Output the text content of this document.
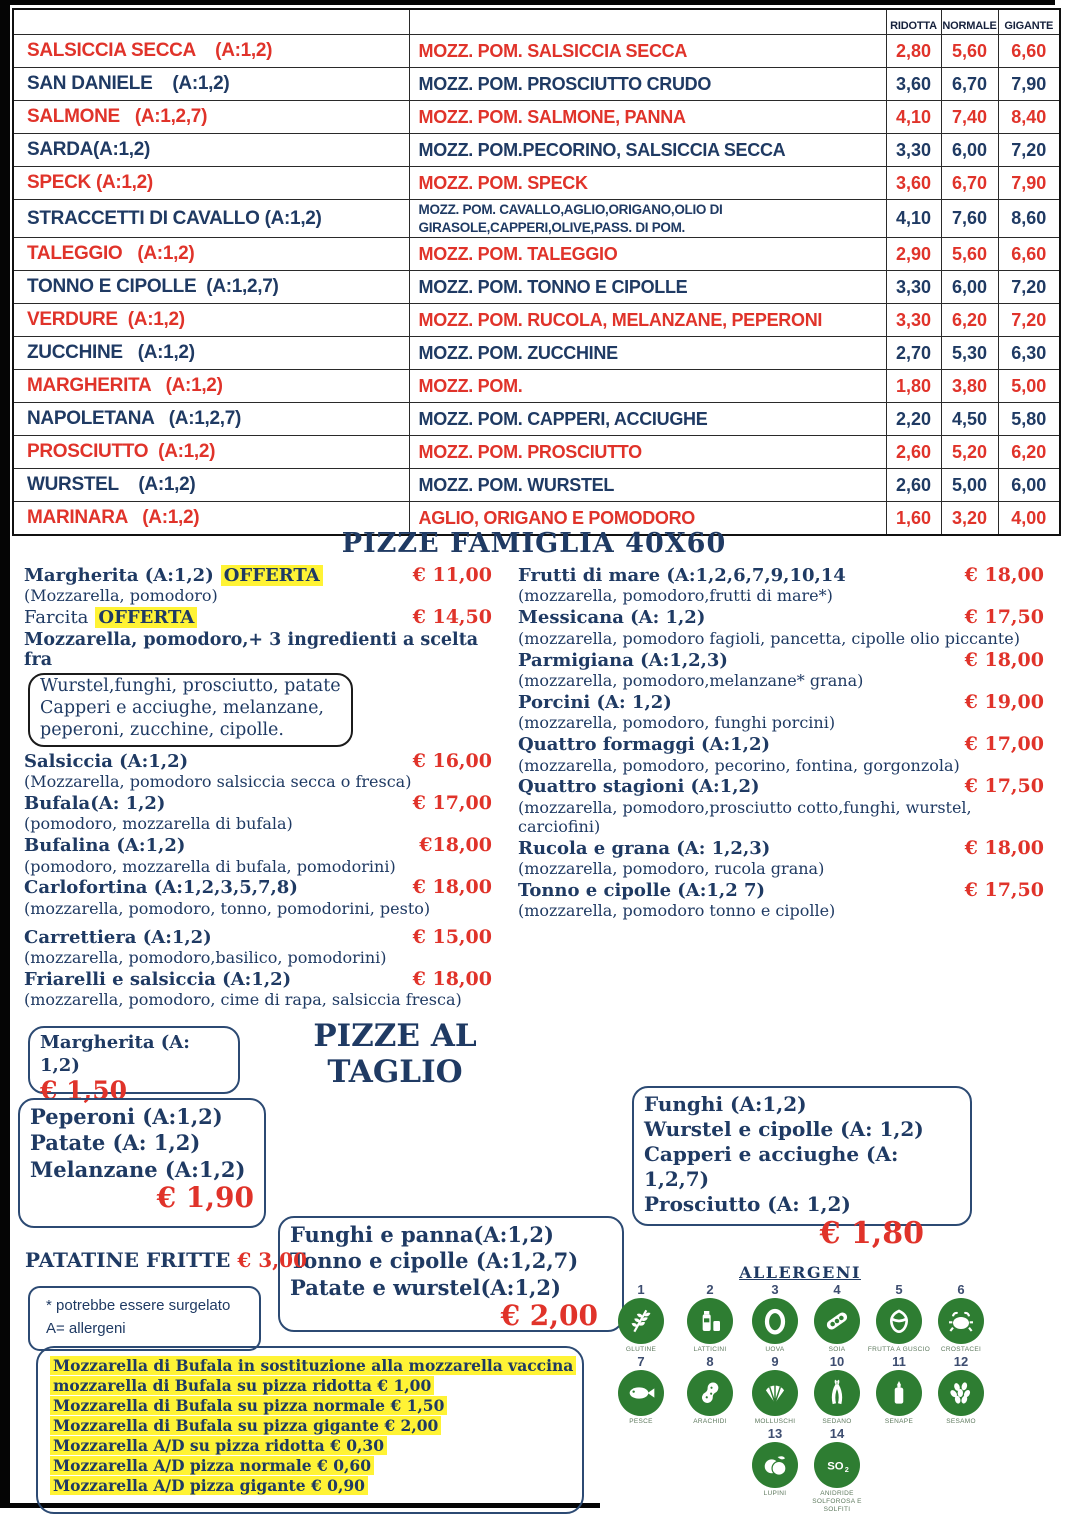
		RIDOTTA	NORMALE	GIGANTE
SALSICCIA SECCA    (A:1,2)	MOZZ. POM. SALSICCIA SECCA	2,80	5,60	6,60
SAN DANIELE    (A:1,2)	MOZZ. POM. PROSCIUTTO CRUDO	3,60	6,70	7,90
SALMONE   (A:1,2,7)	MOZZ. POM. SALMONE, PANNA	4,10	7,40	8,40
SARDA(A:1,2)	MOZZ. POM.PECORINO, SALSICCIA SECCA	3,30	6,00	7,20
SPECK (A:1,2)	MOZZ. POM. SPECK	3,60	6,70	7,90
STRACCETTI DI CAVALLO (A:1,2)	MOZZ. POM. CAVALLO,AGLIO,ORIGANO,OLIO DI GIRASOLE,CAPPERI,OLIVE,PASS. DI POM.	4,10	7,60	8,60
TALEGGIO   (A:1,2)	MOZZ. POM. TALEGGIO	2,90	5,60	6,60
TONNO E CIPOLLE  (A:1,2,7)	MOZZ. POM. TONNO E CIPOLLE	3,30	6,00	7,20
VERDURE  (A:1,2)	MOZZ. POM. RUCOLA, MELANZANE, PEPERONI	3,30	6,20	7,20
ZUCCHINE   (A:1,2)	MOZZ. POM. ZUCCHINE	2,70	5,30	6,30
MARGHERITA   (A:1,2)	MOZZ. POM.	1,80	3,80	5,00
NAPOLETANA   (A:1,2,7)	MOZZ. POM. CAPPERI, ACCIUGHE	2,20	4,50	5,80
PROSCIUTTO  (A:1,2)	MOZZ. POM. PROSCIUTTO	2,60	5,20	6,20
WURSTEL    (A:1,2)	MOZZ. POM. WURSTEL	2,60	5,00	6,00
MARINARA   (A:1,2)	AGLIO, ORIGANO E POMODORO	1,60	3,20	4,00
PIZZE FAMIGLIA 40X60
Margherita (A:1,2) OFFERTA	€ 11,00
(Mozzarella, pomodoro)
Farcita OFFERTA	€ 14,50
Mozzarella, pomodoro,+ 3 ingredienti a scelta fra
Wurstel,funghi, prosciutto, patate
Capperi e acciughe, melanzane,
peperoni, zucchine, cipolle.
Salsiccia (A:1,2)	€ 16,00
(Mozzarella, pomodoro salsiccia secca o fresca)
Bufala(A: 1,2)	€ 17,00
(pomodoro, mozzarella di bufala)
Bufalina (A:1,2)	€18,00
(pomodoro, mozzarella di bufala, pomodorini)
Carlofortina (A:1,2,3,5,7,8)	€ 18,00
(mozzarella, pomodoro, tonno, pomodorini, pesto)
Carrettiera (A:1,2)	€ 15,00
(mozzarella, pomodoro,basilico, pomodorini)
Friarelli e salsiccia (A:1,2)	€ 18,00
(mozzarella, pomodoro, cime di rapa, salsiccia fresca)
Frutti di mare (A:1,2,6,7,9,10,14	€ 18,00
(mozzarella, pomodoro,frutti di mare*)
Messicana (A: 1,2)	€ 17,50
(mozzarella, pomodoro fagioli, pancetta, cipolle olio piccante)
Parmigiana (A:1,2,3)	€ 18,00
(mozzarella, pomodoro,melanzane* grana)
Porcini (A: 1,2)	€ 19,00
(mozzarella, pomodoro, funghi porcini)
Quattro formaggi (A:1,2)	€ 17,00
(mozzarella, pomodoro, pecorino, fontina, gorgonzola)
Quattro stagioni (A:1,2)	€ 17,50
(mozzarella, pomodoro,prosciutto cotto,funghi, wurstel, carciofini)
Rucola e grana (A: 1,2,3)	€ 18,00
(mozzarella, pomodoro, rucola grana)
Tonno e cipolle (A:1,2 7)	€ 17,50
(mozzarella, pomodoro tonno e cipolle)
PIZZE AL TAGLIO
Margherita (A: 1,2)
€ 1,50
Peperoni (A:1,2)
Patate (A: 1,2)
Melanzane (A:1,2)
€ 1,90
Funghi e panna(A:1,2)
Tonno e cipolle (A:1,2,7)
Patate e wurstel(A:1,2)
€ 2,00
Funghi (A:1,2)
Wurstel e cipolle (A: 1,2)
Capperi e acciughe (A: 1,2,7)
Prosciutto (A: 1,2)
€ 1,80
PATATINE FRITTE € 3,00
* potrebbe essere surgelato
A= allergeni
ALLERGENI
1
GLUTINE
2
LATTICINI
3
UOVA
4
SOIA
5
FRUTTA A GUSCIO
6
CROSTACEI
7
PESCE
8
ARACHIDI
9
MOLLUSCHI
10
SEDANO
11
SENAPE
12
SESAMO
13
LUPINI
14
SO 2
ANIDRIDE SOLFOROSA E SOLFITI
Mozzarella di Bufala in sostituzione alla mozzarella vaccina
mozzarella di Bufala su pizza ridotta € 1,00
Mozzarella di Bufala su pizza normale € 1,50
Mozzarella di Bufala su pizza gigante € 2,00
Mozzarella A/D su pizza ridotta € 0,30
Mozzarella A/D pizza normale € 0,60
Mozzarella A/D pizza gigante € 0,90
